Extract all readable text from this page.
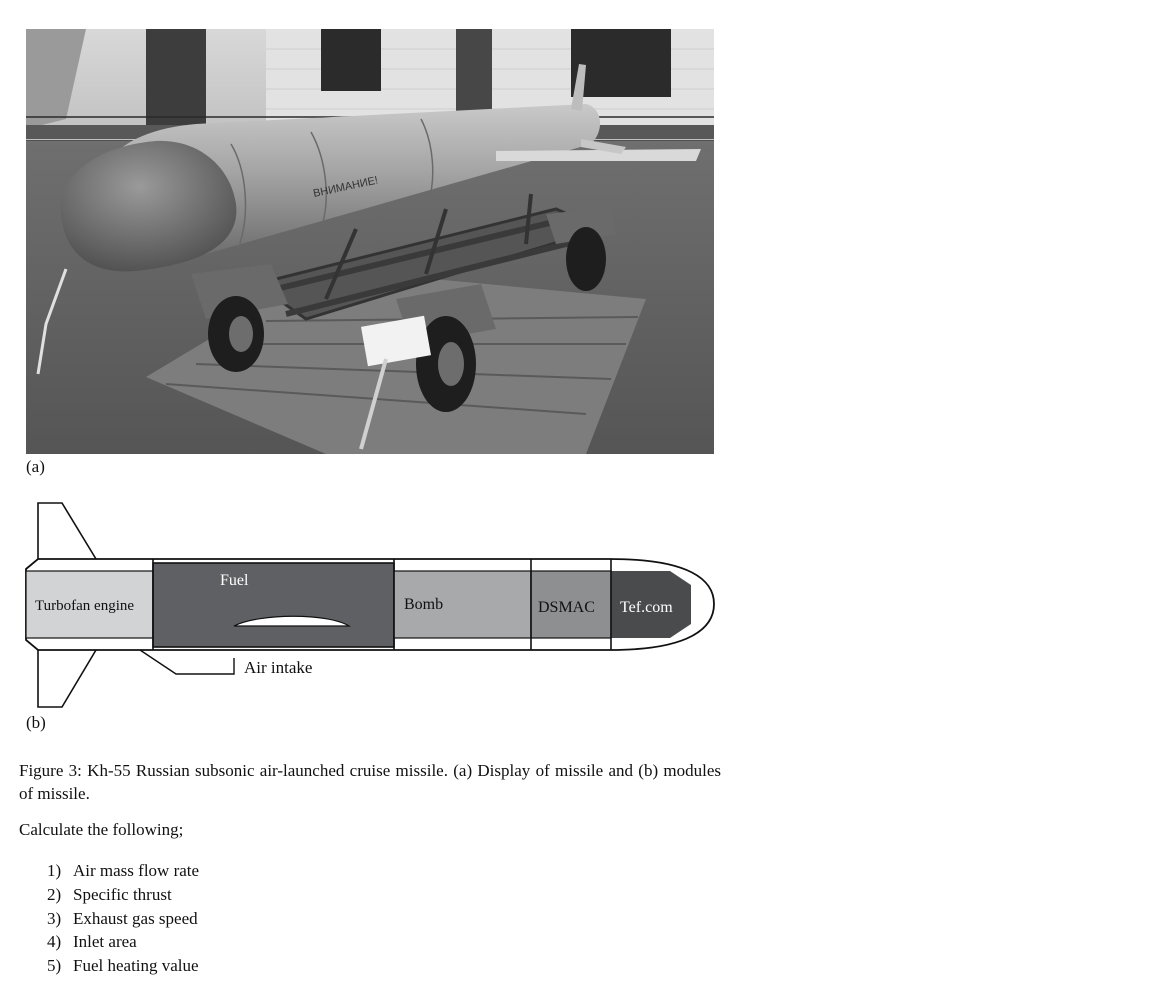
ВНИМАНИЕ!
(a)
Turbofan engine
Fuel
Bomb	DSMAC Tef.com
Air intake
(b)

Figure 3: Kh-55 Russian subsonic air-launched cruise missile. (a) Display of missile and (b) modules of missile.

Calculate the following;

1) Air mass flow rate
2) Specific thrust
3) Exhaust gas speed
4) Inlet area
5) Fuel heating value
